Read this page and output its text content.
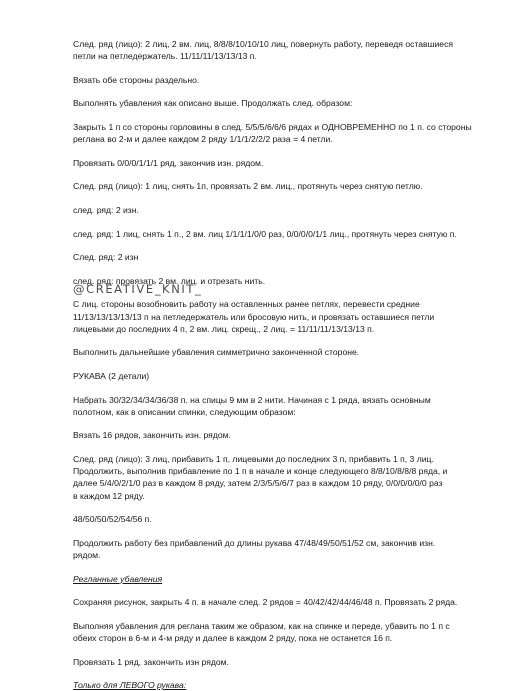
След. ряд (лицо): 2 лиц, 2 вм. лиц, 8/8/8/10/10/10 лиц, повернуть работу, переведя оставшиеся
петли на петледержатель. 11/11/11/13/13/13 п.
Вязать обе стороны раздельно.
Выполнять убавления как описано выше. Продолжать след. образом:
Закрыть 1 п со стороны горловины в след. 5/5/5/6/6/6 рядах и ОДНОВРЕМЕННО по 1 п. со стороны
реглана во 2-м и далее каждом 2 ряду 1/1/1/2/2/2 раза = 4 петли.
Провязать 0/0/0/1/1/1 ряд, закончив изн. рядом.
След. ряд (лицо): 1 лиц, снять 1п, провязать 2 вм. лиц., протянуть через снятую петлю.
след. ряд: 2 изн.
след. ряд: 1 лиц, снять 1 п., 2 вм. лиц 1/1/1/1/0/0 раз, 0/0/0/0/1/1 лиц., протянуть через снятую п.
След. ряд: 2 изн
след. ряд: провязать 2 вм. лиц. и отрезать нить.
@CREATIVE_KNIT_
С лиц. стороны возобновить работу на оставленных ранее петлях, перевести средние
11/13/13/13/13/13 п на петледержатель или бросовую нить, и провязать оставшиеся петли
лицевыми до последних 4 п, 2 вм. лиц. скрещ., 2 лиц. = 11/11/11/13/13/13 п.
Выполнить дальнейшие убавления симметрично законченной стороне.
РУКАВА (2 детали)
Набрать 30/32/34/34/36/38 п. на спицы 9 мм в 2 нити. Начиная с 1 ряда, вязать основным
полотном, как в описании спинки, следующим образом:
Вязать 16 рядов, закончить изн. рядом.
След. ряд (лицо): 3 лиц, прибавить 1 п, лицевыми до последних 3 п, прибавить 1 п, 3 лиц.
Продолжить, выполнив прибавление по 1 п в начале и конце следующего 8/8/10/8/8/8 ряда, и
далее 5/4/0/2/1/0 раз в каждом 8 ряду, затем 2/3/5/5/6/7 раз в каждом 10 ряду, 0/0/0/0/0/0 раз
в каждом 12 ряду.
48/50/50/52/54/56 п.
Продолжить работу без прибавлений до длины рукава 47/48/49/50/51/52 см, закончив изн.
рядом.
Реглан﻿ные убавления
Сохраняя рисунок, закрыть 4 п. в начале след. 2 рядов = 40/42/42/44/46/48 п. Провязать 2 ряда.
Выполняя убавления для реглана таким же образом, как на спинке и переде, убавить по 1 п с
обеих сторон в 6-м и 4-м ряду и далее в каждом 2 ряду, пока не останется 16 п.
Провязать 1 ряд, закончить изн рядом.
Только для ЛЕВОГО рукава:
